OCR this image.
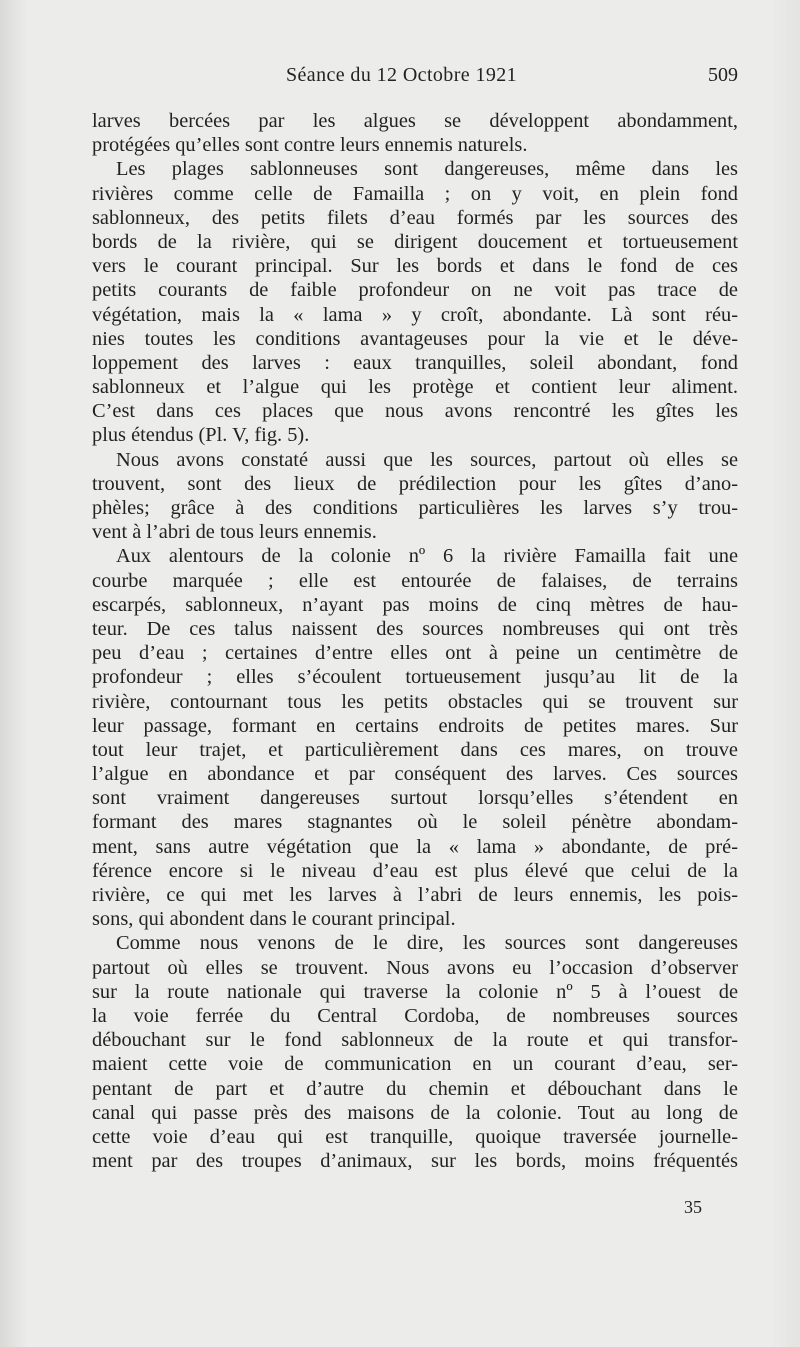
Séance du 12 Octobre 1921	509
larves bercées par les algues se développent abondamment,
protégées qu’elles sont contre leurs ennemis naturels.
Les plages sablonneuses sont dangereuses, même dans les
rivières comme celle de Famailla ; on y voit, en plein fond
sablonneux, des petits filets d’eau formés par les sources des
bords de la rivière, qui se dirigent doucement et tortueusement
vers le courant principal. Sur les bords et dans le fond de ces
petits courants de faible profondeur on ne voit pas trace de
végétation, mais la « lama » y croît, abondante. Là sont réu-
nies toutes les conditions avantageuses pour la vie et le déve-
loppement des larves : eaux tranquilles, soleil abondant, fond
sablonneux et l’algue qui les protège et contient leur aliment.
C’est dans ces places que nous avons rencontré les gîtes les
plus étendus (Pl. V, fig. 5).
Nous avons constaté aussi que les sources, partout où elles se
trouvent, sont des lieux de prédilection pour les gîtes d’ano-
phèles; grâce à des conditions particulières les larves s’y trou-
vent à l’abri de tous leurs ennemis.
Aux alentours de la colonie nº 6 la rivière Famailla fait une
courbe marquée ; elle est entourée de falaises, de terrains
escarpés, sablonneux, n’ayant pas moins de cinq mètres de hau-
teur. De ces talus naissent des sources nombreuses qui ont très
peu d’eau ; certaines d’entre elles ont à peine un centimètre de
profondeur ; elles s’écoulent tortueusement jusqu’au lit de la
rivière, contournant tous les petits obstacles qui se trouvent sur
leur passage, formant en certains endroits de petites mares. Sur
tout leur trajet, et particulièrement dans ces mares, on trouve
l’algue en abondance et par conséquent des larves. Ces sources
sont vraiment dangereuses surtout lorsqu’elles s’étendent en
formant des mares stagnantes où le soleil pénètre abondam-
ment, sans autre végétation que la « lama » abondante, de pré-
férence encore si le niveau d’eau est plus élevé que celui de la
rivière, ce qui met les larves à l’abri de leurs ennemis, les pois-
sons, qui abondent dans le courant principal.
Comme nous venons de le dire, les sources sont dangereuses
partout où elles se trouvent. Nous avons eu l’occasion d’observer
sur la route nationale qui traverse la colonie nº 5 à l’ouest de
la voie ferrée du Central Cordoba, de nombreuses sources
débouchant sur le fond sablonneux de la route et qui transfor-
maient cette voie de communication en un courant d’eau, ser-
pentant de part et d’autre du chemin et débouchant dans le
canal qui passe près des maisons de la colonie. Tout au long de
cette voie d’eau qui est tranquille, quoique traversée journelle-
ment par des troupes d’animaux, sur les bords, moins fréquentés
35
